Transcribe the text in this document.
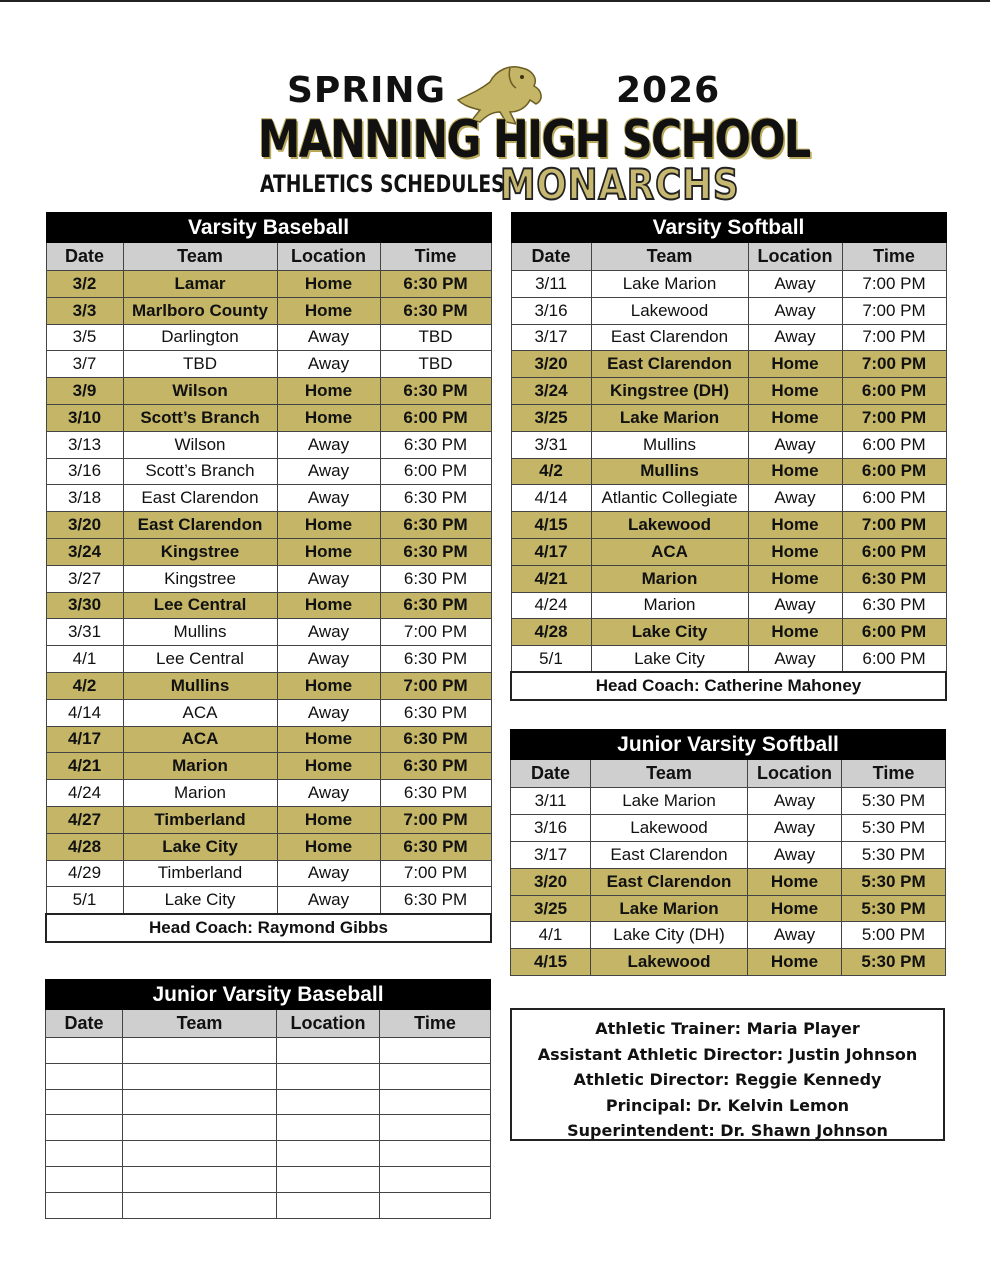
SPRING	2026
MANNING HIGH SCHOOL
ATHLETICS SCHEDULES
MONARCHS
Varsity Baseball			
Date	Team	Location	Time
3/2	Lamar	Home	6:30 PM
3/3	Marlboro County	Home	6:30 PM
3/5	Darlington	Away	TBD
3/7	TBD	Away	TBD
3/9	Wilson	Home	6:30 PM
3/10	Scott’s Branch	Home	6:00 PM
3/13	Wilson	Away	6:30 PM
3/16	Scott’s Branch	Away	6:00 PM
3/18	East Clarendon	Away	6:30 PM
3/20	East Clarendon	Home	6:30 PM
3/24	Kingstree	Home	6:30 PM
3/27	Kingstree	Away	6:30 PM
3/30	Lee Central	Home	6:30 PM
3/31	Mullins	Away	7:00 PM
4/1	Lee Central	Away	6:30 PM
4/2	Mullins	Home	7:00 PM
4/14	ACA	Away	6:30 PM
4/17	ACA	Home	6:30 PM
4/21	Marion	Home	6:30 PM
4/24	Marion	Away	6:30 PM
4/27	Timberland	Home	7:00 PM
4/28	Lake City	Home	6:30 PM
4/29	Timberland	Away	7:00 PM
5/1	Lake City	Away	6:30 PM
Head Coach: Raymond Gibbs			
Varsity Softball			
Date	Team	Location	Time
3/11	Lake Marion	Away	7:00 PM
3/16	Lakewood	Away	7:00 PM
3/17	East Clarendon	Away	7:00 PM
3/20	East Clarendon	Home	7:00 PM
3/24	Kingstree (DH)	Home	6:00 PM
3/25	Lake Marion	Home	7:00 PM
3/31	Mullins	Away	6:00 PM
4/2	Mullins	Home	6:00 PM
4/14	Atlantic Collegiate	Away	6:00 PM
4/15	Lakewood	Home	7:00 PM
4/17	ACA	Home	6:00 PM
4/21	Marion	Home	6:30 PM
4/24	Marion	Away	6:30 PM
4/28	Lake City	Home	6:00 PM
5/1	Lake City	Away	6:00 PM
Head Coach: Catherine Mahoney			
Junior Varsity Softball			
Date	Team	Location	Time
3/11	Lake Marion	Away	5:30 PM
3/16	Lakewood	Away	5:30 PM
3/17	East Clarendon	Away	5:30 PM
3/20	East Clarendon	Home	5:30 PM
3/25	Lake Marion	Home	5:30 PM
4/1	Lake City (DH)	Away	5:00 PM
4/15	Lakewood	Home	5:30 PM
Junior Varsity Baseball			
Date	Team	Location	Time

				Athletic Trainer: Maria Player
Assistant Athletic Director: Justin Johnson
Athletic Director: Reggie Kennedy
Principal: Dr. Kelvin Lemon
Superintendent: Dr. Shawn Johnson
